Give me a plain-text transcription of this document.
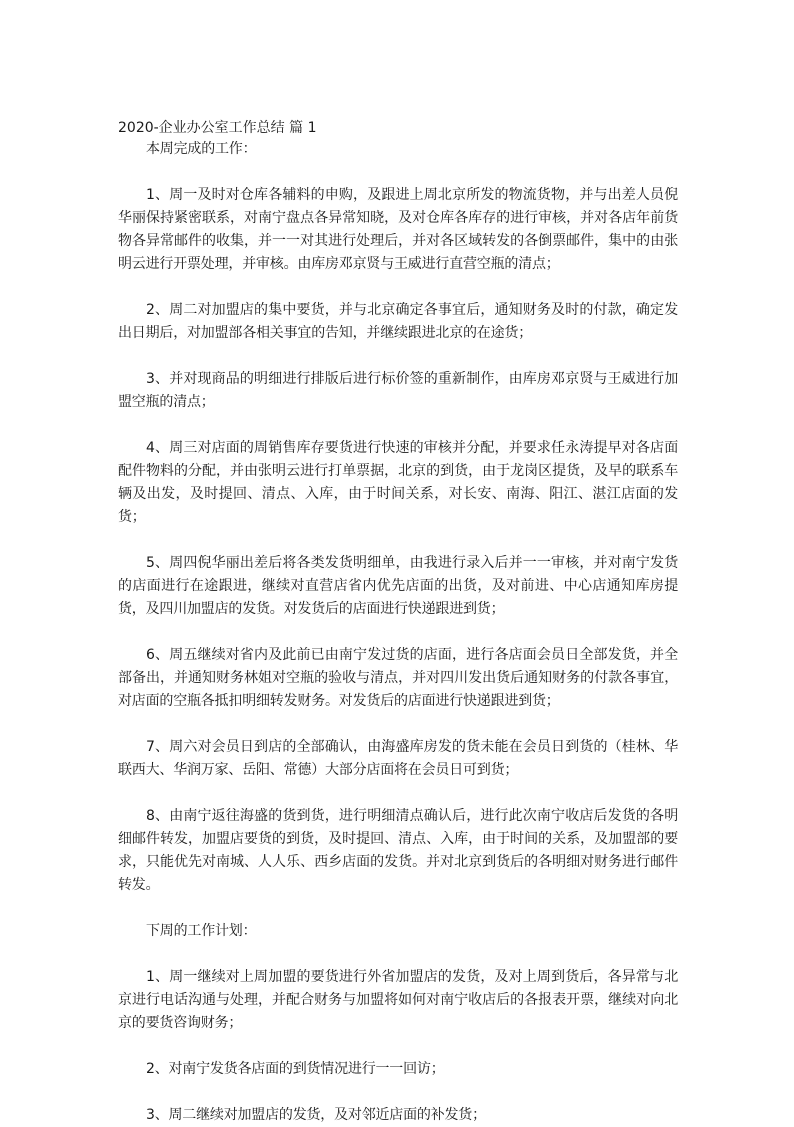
2020-企业办公室工作总结 篇 1

本周完成的工作：

1、周一及时对仓库各辅料的申购，及跟进上周北京所发的物流货物，并与出差人员倪华丽保持紧密联系，对南宁盘点各异常知晓，及对仓库各库存的进行审核，并对各店年前货物各异常邮件的收集，并一一对其进行处理后，并对各区域转发的各倒票邮件，集中的由张明云进行开票处理，并审核。由库房邓京贤与王威进行直营空瓶的清点；

2、周二对加盟店的集中要货，并与北京确定各事宜后，通知财务及时的付款，确定发出日期后，对加盟部各相关事宜的告知，并继续跟进北京的在途货；

3、并对现商品的明细进行排版后进行标价签的重新制作，由库房邓京贤与王威进行加盟空瓶的清点；

4、周三对店面的周销售库存要货进行快速的审核并分配，并要求任永涛提早对各店面配件物料的分配，并由张明云进行打单票据，北京的到货，由于龙岗区提货，及早的联系车辆及出发，及时提回、清点、入库，由于时间关系，对长安、南海、阳江、湛江店面的发货；

5、周四倪华丽出差后将各类发货明细单，由我进行录入后并一一审核，并对南宁发货的店面进行在途跟进，继续对直营店省内优先店面的出货，及对前进、中心店通知库房提货，及四川加盟店的发货。对发货后的店面进行快递跟进到货；

6、周五继续对省内及此前已由南宁发过货的店面，进行各店面会员日全部发货，并全部备出，并通知财务林姐对空瓶的验收与清点，并对四川发出货后通知财务的付款各事宜，对店面的空瓶各抵扣明细转发财务。对发货后的店面进行快递跟进到货；

7、周六对会员日到店的全部确认，由海盛库房发的货未能在会员日到货的（桂林、华联西大、华润万家、岳阳、常德）大部分店面将在会员日可到货；

8、由南宁返往海盛的货到货，进行明细清点确认后，进行此次南宁收店后发货的各明细邮件转发，加盟店要货的到货，及时提回、清点、入库，由于时间的关系，及加盟部的要求，只能优先对南城、人人乐、西乡店面的发货。并对北京到货后的各明细对财务进行邮件转发。

下周的工作计划：

1、周一继续对上周加盟的要货进行外省加盟店的发货，及对上周到货后，各异常与北京进行电话沟通与处理，并配合财务与加盟将如何对南宁收店后的各报表开票，继续对向北京的要货咨询财务；

2、对南宁发货各店面的到货情况进行一一回访；

3、周二继续对加盟店的发货，及对邻近店面的补发货；
